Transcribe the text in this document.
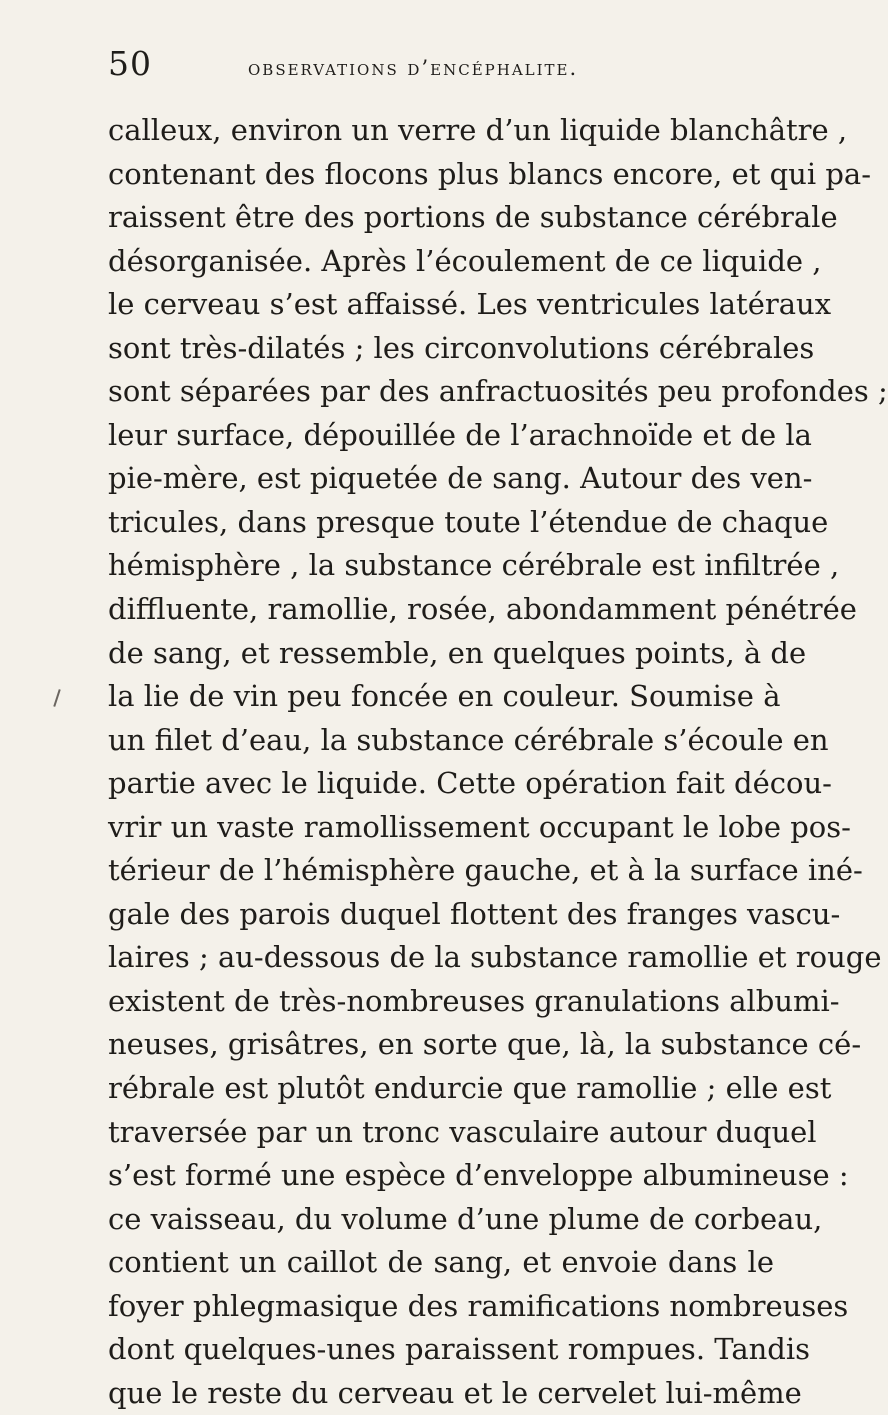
50	observations d’encéphalite.
calleux, environ un verre d’un liquide blanchâtre ,
contenant des flocons plus blancs encore, et qui pa-
raissent être des portions de substance cérébrale
désorganisée. Après l’écoulement de ce liquide ,
le cerveau s’est affaissé. Les ventricules latéraux
sont très-dilatés ; les circonvolutions cérébrales
sont séparées par des anfractuosités peu profondes ;
leur surface, dépouillée de l’arachnoïde et de la
pie-mère, est piquetée de sang. Autour des ven-
tricules, dans presque toute l’étendue de chaque
hémisphère , la substance cérébrale est infiltrée ,
diffluente, ramollie, rosée, abondamment pénétrée
de sang, et ressemble, en quelques points, à de
la lie de vin peu foncée en couleur. Soumise à
un filet d’eau, la substance cérébrale s’écoule en
partie avec le liquide. Cette opération fait décou-
vrir un vaste ramollissement occupant le lobe pos-
térieur de l’hémisphère gauche, et à la surface iné-
gale des parois duquel flottent des franges vascu-
laires ; au-dessous de la substance ramollie et rouge
existent de très-nombreuses granulations albumi-
neuses, grisâtres, en sorte que, là, la substance cé-
rébrale est plutôt endurcie que ramollie ; elle est
traversée par un tronc vasculaire autour duquel
s’est formé une espèce d’enveloppe albumineuse :
ce vaisseau, du volume d’une plume de corbeau,
contient un caillot de sang, et envoie dans le
foyer phlegmasique des ramifications nombreuses
dont quelques-unes paraissent rompues. Tandis
que le reste du cerveau et le cervelet lui-même
